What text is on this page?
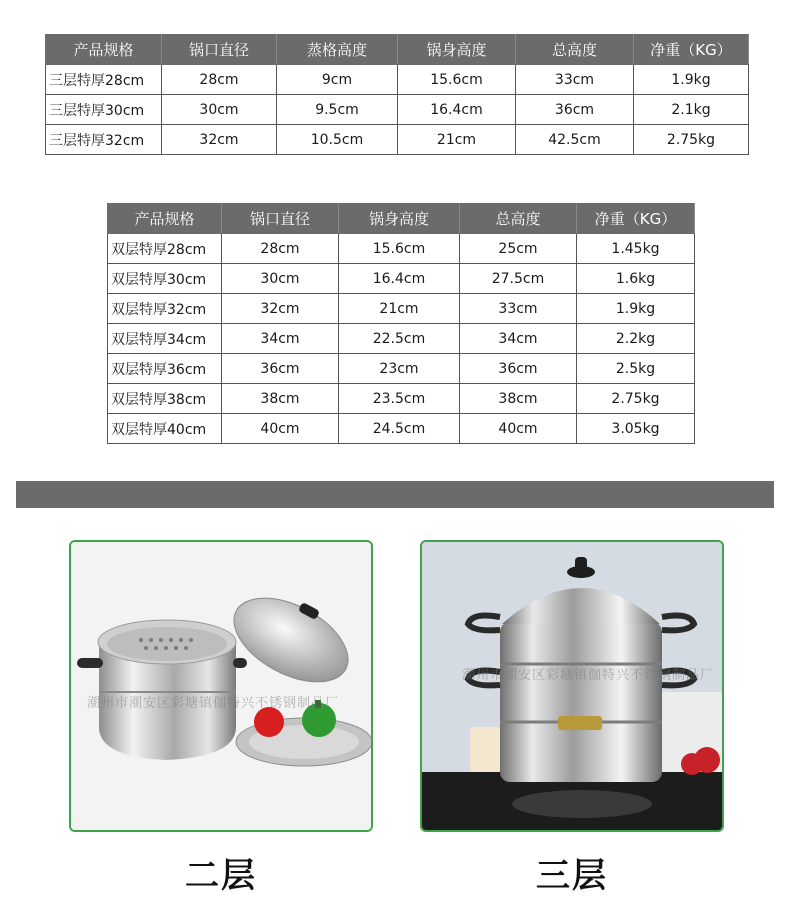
产品规格	锅口直径	蒸格高度	锅身高度	总高度	净重（KG）
三层特厚28cm	28cm	9cm	15.6cm	33cm	1.9kg
三层特厚30cm	30cm	9.5cm	16.4cm	36cm	2.1kg
三层特厚32cm	32cm	10.5cm	21cm	42.5cm	2.75kg
产品规格	锅口直径	锅身高度	总高度	净重（KG）
双层特厚28cm	28cm	15.6cm	25cm	1.45kg
双层特厚30cm	30cm	16.4cm	27.5cm	1.6kg
双层特厚32cm	32cm	21cm	33cm	1.9kg
双层特厚34cm	34cm	22.5cm	34cm	2.2kg
双层特厚36cm	36cm	23cm	36cm	2.5kg
双层特厚38cm	38cm	23.5cm	38cm	2.75kg
双层特厚40cm	40cm	24.5cm	40cm	3.05kg
潮州市潮安区彩塘镇伽特兴不锈钢制品厂
潮州市潮安区彩塘镇伽特兴不锈钢制品厂
二层	三层
